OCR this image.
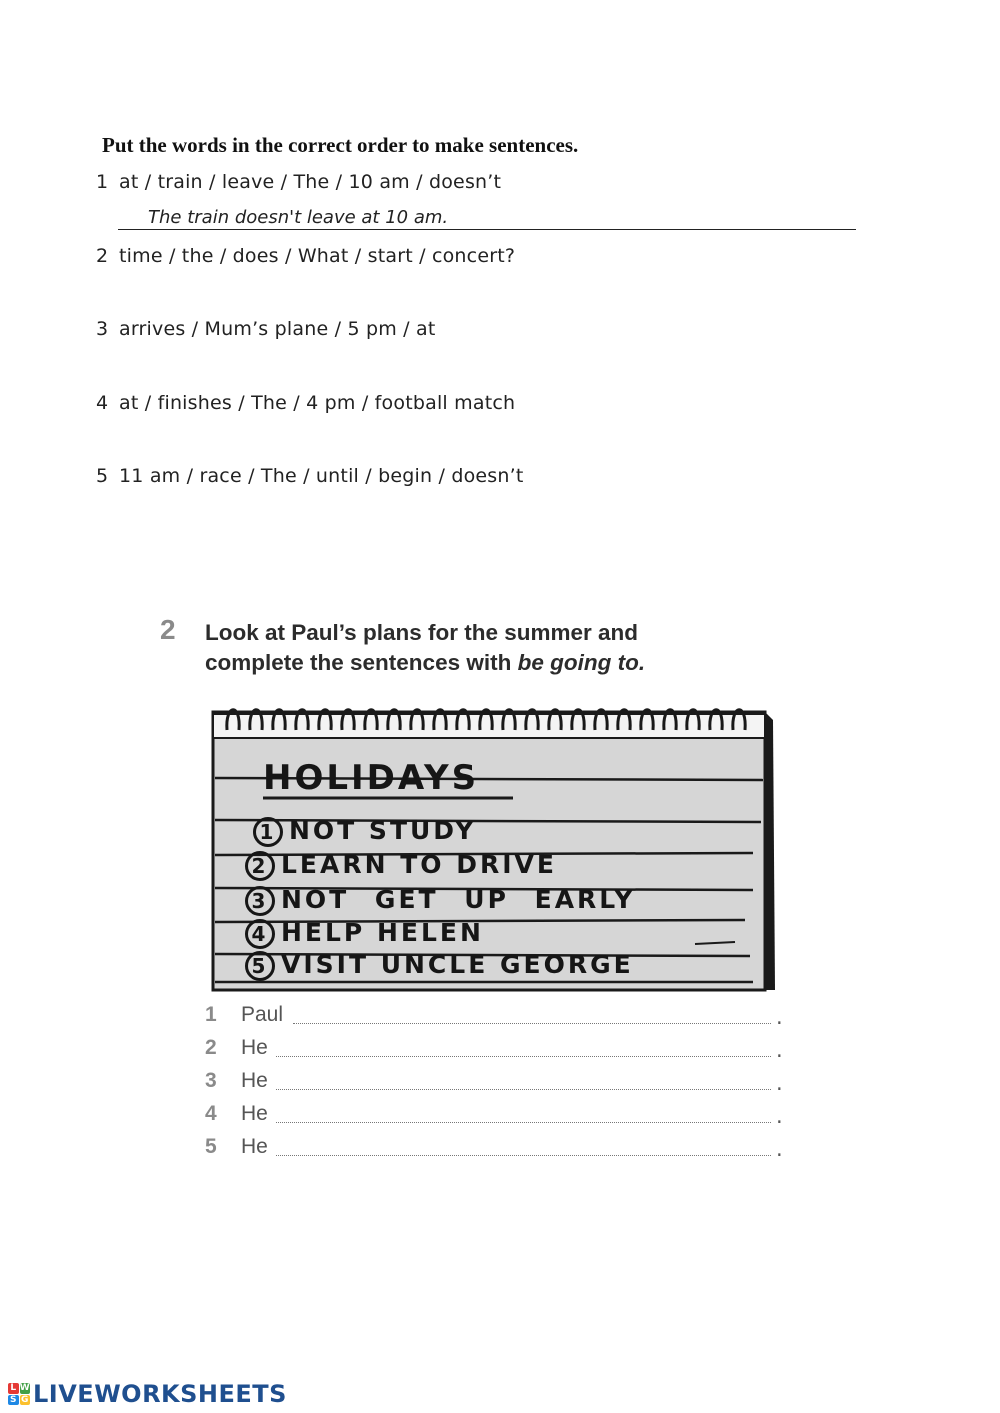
Put the words in the correct order to make sentences.
1 at / train / leave / The / 10 am / doesn’t
The train doesn't leave at 10 am.
2 time / the / does / What / start / concert?
3 arrives / Mum’s plane / 5 pm / at
4 at / finishes / The / 4 pm / football match
5 11 am / race / The / until / begin / doesn’t
2 Look at Paul’s plans for the summer and
complete the sentences with be going to.
HOLIDAYS
1 NOT STUDY
2 LEARN TO DRIVE
3 NOT GET UP EARLY
4 HELP HELEN
5 VISIT UNCLE GEORGE
1 Paul	.
2 He	.
3 He	.
4 He	.
5 He	.
L W
S G LIVEWORKSHEETS
